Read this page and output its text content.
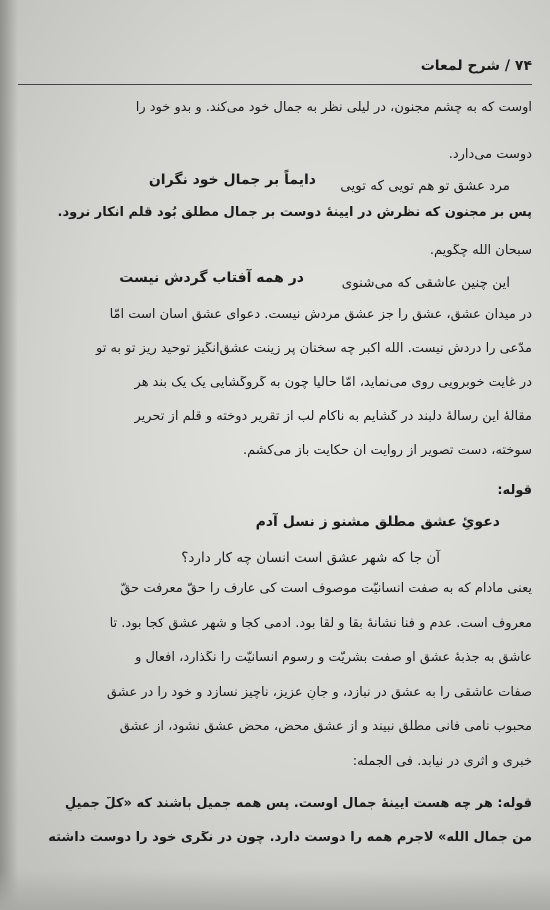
۷۴ / شرح لمعات
اوست که به چشم مجنون، در لیلی نظر به جمال خود می‌کند. و بدو خود را
دوست می‌دارد.
مرد عشق تو هم تویی که تویی
دایماً بر جمال خود نگران
پس بر مجنون که نظرش در آیینهٔ دوست بر جمال مطلق بُود قلم انکار نرود.
سبحان الله چگویم.
این چنین عاشقی که می‌شنوی
در همه آفتاب گردش نیست
در میدان عشق، عشق را جز عشق مردش نیست. دعوای عشق آسان است امّا
مدّعی را دردش نیست. الله اکبر چه سخنان پر زینت عشق‌انگیز توحید ریز تو به تو
در غایت خوبرویی روی می‌نماید، امّا حالیا چون به گروگشایی یک یک بند هر
مقالهٔ این رسالهٔ دلبند در گشایم به ناکام لب از تقریر دوخته و قلم از تحریر
سوخته، دست تصویر از روایت آن حکایت باز می‌کشم.
قوله:
دعوئِ عشق مطلق مشنو ز نسل آدم
آن جا که شهر عشق است انسان چه کار دارد؟
یعنی مادام که به صفت انسانیّت موصوف است کی عارف را حقّ معرفت حقّ
معروف است. عدم و فنا نشانهٔ بقا و لقا بود. آدمی کجا و شهر عشق کجا بود. تا
عاشق به جذبهٔ عشق او صفت بشریّت و رسوم انسانیّت را نگذارد، افعال و
صفات عاشقی را به عشق در نبازد، و جانِ عزیز، ناچیز نسازد و خود را در عشق
محبوب نامی فانی مطلق نبیند و از عشق محض، محض عشق نشود، از عشق
خبری و اثری در نیابد. فی الجمله:
قوله: هر چه هست آیینهٔ جمال اوست. پس همه جمیل باشند که «کلّ جمیلٍ
من جمال الله» لاجرم همه را دوست دارد. چون در نگری خود را دوست داشته
